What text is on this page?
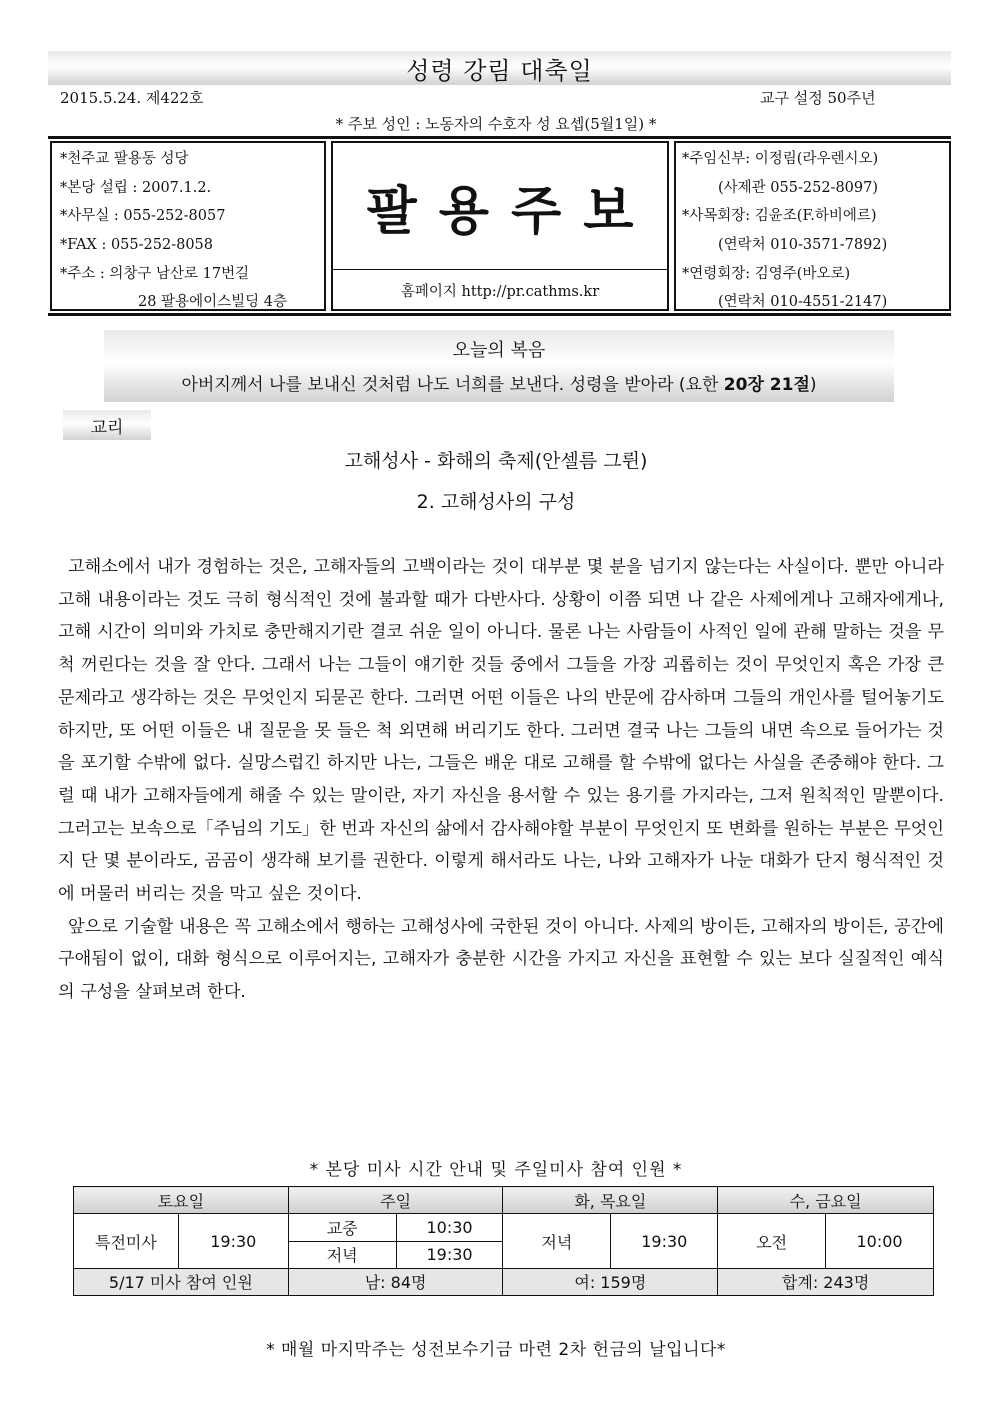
성령 강림 대축일
2015.5.24. 제422호	교구 설정 50주년
* 주보 성인 : 노동자의 수호자 성 요셉(5월1일) *
*천주교 팔용동 성당
*본당 설립 : 2007.1.2.
*사무실 : 055-252-8057
*FAX : 055-252-8058
*주소 : 의창구 남산로 17번길
28 팔용에이스빌딩 4층
팔용주보
홈페이지 http://pr.cathms.kr
*주임신부: 이정림(라우렌시오)
(사제관 055-252-8097)
*사목회장: 김윤조(F.하비에르)
(연락처 010-3571-7892)
*연령회장: 김영주(바오로)
(연락처 010-4551-2147)
오늘의 복음
아버지께서 나를 보내신 것처럼 나도 너희를 보낸다. 성령을 받아라 (요한 20장 21절)
교리
고해성사 - 화해의 축제(안셀름 그륀)
2. 고해성사의 구성

고해소에서 내가 경험하는 것은, 고해자들의 고백이라는 것이 대부분 몇 분을 넘기지 않는다는 사실이다. 뿐만 아니라 고해 내용이라는 것도 극히 형식적인 것에 불과할 때가 다반사다. 상황이 이쯤 되면 나 같은 사제에게나 고해자에게나, 고해 시간이 의미와 가치로 충만해지기란 결코 쉬운 일이 아니다. 물론 나는 사람들이 사적인 일에 관해 말하는 것을 무척 꺼린다는 것을 잘 안다. 그래서 나는 그들이 얘기한 것들 중에서 그들을 가장 괴롭히는 것이 무엇인지 혹은 가장 큰 문제라고 생각하는 것은 무엇인지 되묻곤 한다. 그러면 어떤 이들은 나의 반문에 감사하며 그들의 개인사를 털어놓기도 하지만, 또 어떤 이들은 내 질문을 못 들은 척 외면해 버리기도 한다. 그러면 결국 나는 그들의 내면 속으로 들어가는 것을 포기할 수밖에 없다. 실망스럽긴 하지만 나는, 그들은 배운 대로 고해를 할 수밖에 없다는 사실을 존중해야 한다. 그럴 때 내가 고해자들에게 해줄 수 있는 말이란, 자기 자신을 용서할 수 있는 용기를 가지라는, 그저 원칙적인 말뿐이다. 그러고는 보속으로「주님의 기도」한 번과 자신의 삶에서 감사해야할 부분이 무엇인지 또 변화를 원하는 부분은 무엇인지 단 몇 분이라도, 곰곰이 생각해 보기를 권한다. 이렇게 해서라도 나는, 나와 고해자가 나눈 대화가 단지 형식적인 것에 머물러 버리는 것을 막고 싶은 것이다.

앞으로 기술할 내용은 꼭 고해소에서 행하는 고해성사에 국한된 것이 아니다. 사제의 방이든, 고해자의 방이든, 공간에 구애됨이 없이, 대화 형식으로 이루어지는, 고해자가 충분한 시간을 가지고 자신을 표현할 수 있는 보다 실질적인 예식의 구성을 살펴보려 한다.

* 본당 미사 시간 안내 및 주일미사 참여 인원 *
토요일		주일		화, 목요일		수, 금요일	
특전미사	19:30	교중	10:30	저녁	19:30	오전	10:00
		저녁	19:30				
5/17 미사 참여 인원		남: 84명		여: 159명		합계: 243명	
* 매월 마지막주는 성전보수기금 마련 2차 헌금의 날입니다*
